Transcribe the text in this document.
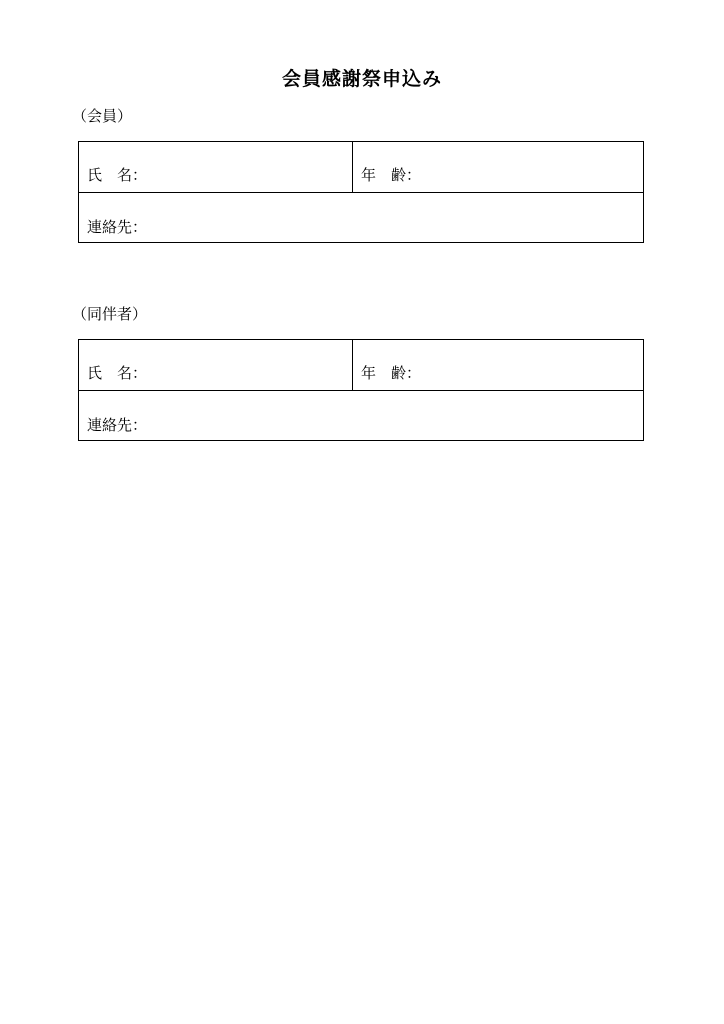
会員感謝祭申込み
（会員）
氏　名：	年　齢：
連絡先：
（同伴者）
氏　名：	年　齢：
連絡先：
